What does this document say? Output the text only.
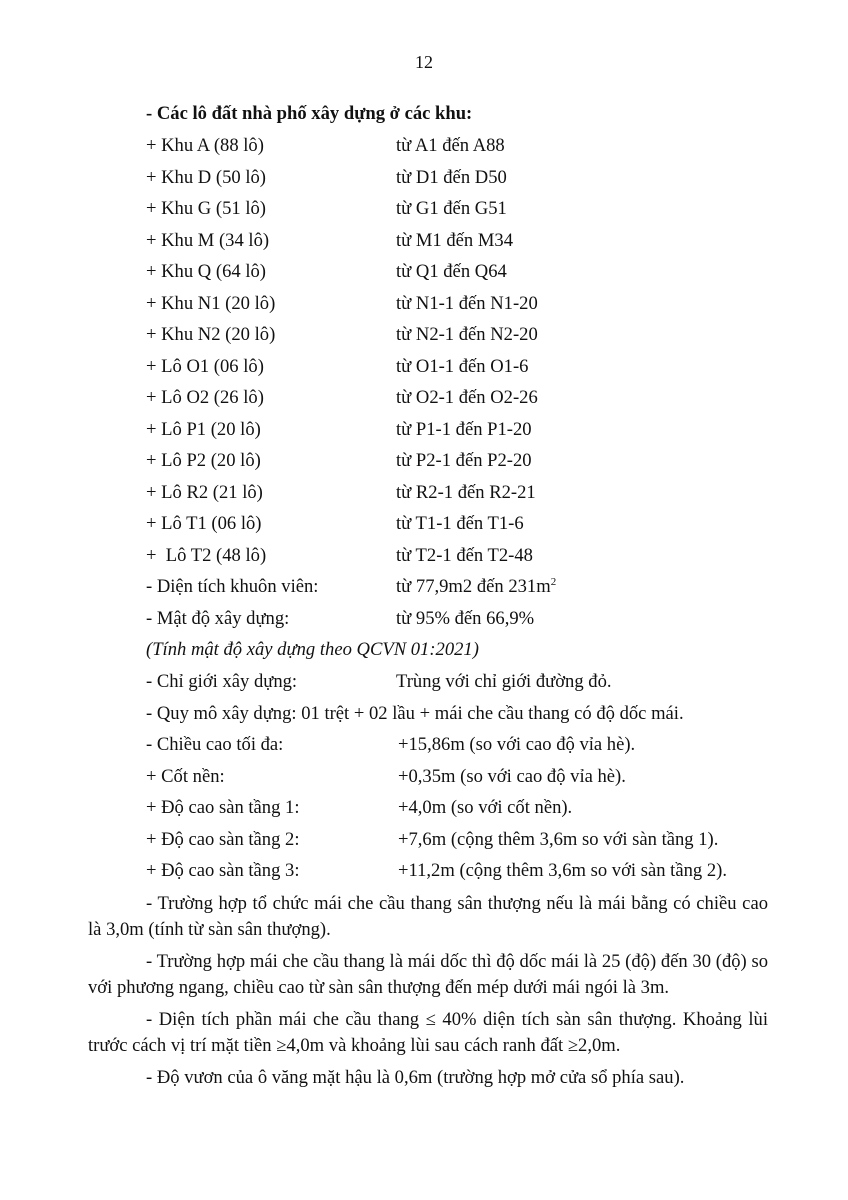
12
- Các lô đất nhà phố xây dựng ở các khu:
+ Khu A (88 lô)	từ A1 đến A88
+ Khu D (50 lô)	từ D1 đến D50
+ Khu G (51 lô)	từ G1 đến G51
+ Khu M (34 lô)	từ M1 đến M34
+ Khu Q (64 lô)	từ Q1 đến Q64
+ Khu N1 (20 lô)	từ N1-1 đến N1-20
+ Khu N2 (20 lô)	từ N2-1 đến N2-20
+ Lô O1 (06 lô)	từ O1-1 đến O1-6
+ Lô O2 (26 lô)	từ O2-1 đến O2-26
+ Lô P1 (20 lô)	từ P1-1 đến P1-20
+ Lô P2 (20 lô)	từ P2-1 đến P2-20
+ Lô R2 (21 lô)	từ R2-1 đến R2-21
+ Lô T1 (06 lô)	từ T1-1 đến T1-6
+  Lô T2 (48 lô)	từ T2-1 đến T2-48
- Diện tích khuôn viên:	từ 77,9m2 đến $231m^2$
- Mật độ xây dựng:	từ 95% đến 66,9%
(Tính mật độ xây dựng theo QCVN 01:2021)
- Chỉ giới xây dựng:	Trùng với chỉ giới đường đỏ.
- Quy mô xây dựng: 01 trệt + 02 lầu + mái che cầu thang có độ dốc mái.
- Chiều cao tối đa:	+15,86m (so với cao độ vỉa hè).
+ Cốt nền:	+0,35m (so với cao độ vỉa hè).
+ Độ cao sàn tầng 1:	+4,0m (so với cốt nền).
+ Độ cao sàn tầng 2:	+7,6m (cộng thêm 3,6m so với sàn tầng 1).
+ Độ cao sàn tầng 3:	+11,2m (cộng thêm 3,6m so với sàn tầng 2).

- Trường hợp tổ chức mái che cầu thang sân thượng nếu là mái bằng có chiều cao là 3,0m (tính từ sàn sân thượng).

- Trường hợp mái che cầu thang là mái dốc thì độ dốc mái là 25 (độ) đến 30 (độ) so với phương ngang, chiều cao từ sàn sân thượng đến mép dưới mái ngói là 3m.

- Diện tích phần mái che cầu thang ≤ 40% diện tích sàn sân thượng. Khoảng lùi trước cách vị trí mặt tiền ≥4,0m và khoảng lùi sau cách ranh đất ≥2,0m.

- Độ vươn của ô văng mặt hậu là 0,6m (trường hợp mở cửa sổ phía sau).
